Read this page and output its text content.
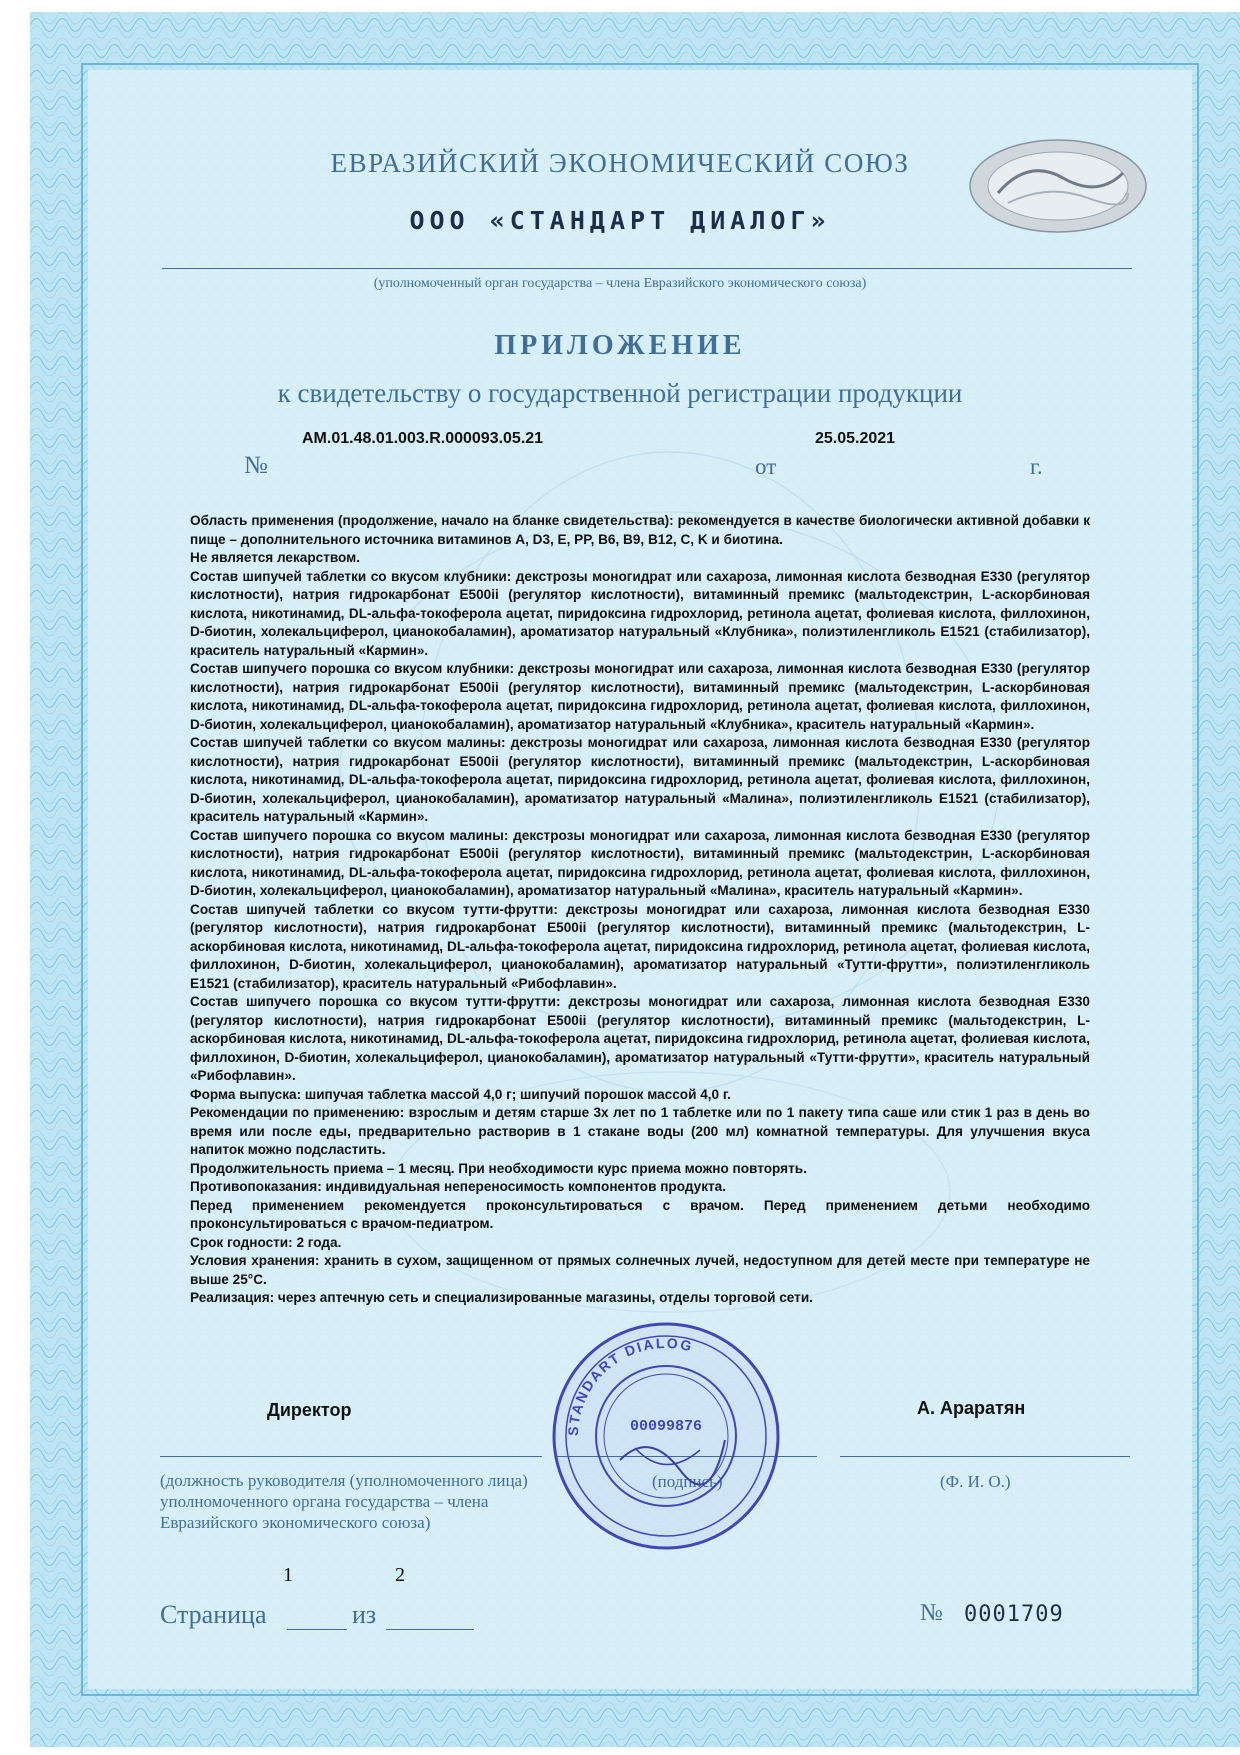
ЕВРАЗИЙСКИЙ ЭКОНОМИЧЕСКИЙ СОЮЗ
ООО «СТАНДАРТ ДИАЛОГ»
(уполномоченный орган государства – члена Евразийского экономического союза)
ПРИЛОЖЕНИЕ
к свидетельству о государственной регистрации продукции
AM.01.48.01.003.R.000093.05.21	25.05.2021
№	от	г.

Область применения (продолжение, начало на бланке свидетельства): рекомендуется в качестве биологически активной добавки к пище – дополнительного источника витаминов A, D3, E, PP, B6, B9, B12, C, K и биотина.

Не является лекарством.

Состав шипучей таблетки со вкусом клубники: декстрозы моногидрат или сахароза, лимонная кислота безводная E330 (регулятор кислотности), натрия гидрокарбонат E500ii (регулятор кислотности), витаминный премикс (мальтодекстрин, L-аскорбиновая кислота, никотинамид, DL-альфа-токоферола ацетат, пиридоксина гидрохлорид, ретинола ацетат, фолиевая кислота, филлохинон, D-биотин, холекальциферол, цианокобаламин), ароматизатор натуральный «Клубника», полиэтиленгликоль E1521 (стабилизатор), краситель натуральный «Кармин».

Состав шипучего порошка со вкусом клубники: декстрозы моногидрат или сахароза, лимонная кислота безводная E330 (регулятор кислотности), натрия гидрокарбонат E500ii (регулятор кислотности), витаминный премикс (мальтодекстрин, L-аскорбиновая кислота, никотинамид, DL-альфа-токоферола ацетат, пиридоксина гидрохлорид, ретинола ацетат, фолиевая кислота, филлохинон, D-биотин, холекальциферол, цианокобаламин), ароматизатор натуральный «Клубника», краситель натуральный «Кармин».

Состав шипучей таблетки со вкусом малины: декстрозы моногидрат или сахароза, лимонная кислота безводная E330 (регулятор кислотности), натрия гидрокарбонат E500ii (регулятор кислотности), витаминный премикс (мальтодекстрин, L-аскорбиновая кислота, никотинамид, DL-альфа-токоферола ацетат, пиридоксина гидрохлорид, ретинола ацетат, фолиевая кислота, филлохинон, D-биотин, холекальциферол, цианокобаламин), ароматизатор натуральный «Малина», полиэтиленгликоль E1521 (стабилизатор), краситель натуральный «Кармин».

Состав шипучего порошка со вкусом малины: декстрозы моногидрат или сахароза, лимонная кислота безводная E330 (регулятор кислотности), натрия гидрокарбонат E500ii (регулятор кислотности), витаминный премикс (мальтодекстрин, L-аскорбиновая кислота, никотинамид, DL-альфа-токоферола ацетат, пиридоксина гидрохлорид, ретинола ацетат, фолиевая кислота, филлохинон, D-биотин, холекальциферол, цианокобаламин), ароматизатор натуральный «Малина», краситель натуральный «Кармин».

Состав шипучей таблетки со вкусом тутти-фрутти: декстрозы моногидрат или сахароза, лимонная кислота безводная E330 (регулятор кислотности), натрия гидрокарбонат E500ii (регулятор кислотности), витаминный премикс (мальтодекстрин, L-аскорбиновая кислота, никотинамид, DL-альфа-токоферола ацетат, пиридоксина гидрохлорид, ретинола ацетат, фолиевая кислота, филлохинон, D-биотин, холекальциферол, цианокобаламин), ароматизатор натуральный «Тутти-фрутти», полиэтиленгликоль E1521 (стабилизатор), краситель натуральный «Рибофлавин».

Состав шипучего порошка со вкусом тутти-фрутти: декстрозы моногидрат или сахароза, лимонная кислота безводная E330 (регулятор кислотности), натрия гидрокарбонат E500ii (регулятор кислотности), витаминный премикс (мальтодекстрин, L-аскорбиновая кислота, никотинамид, DL-альфа-токоферола ацетат, пиридоксина гидрохлорид, ретинола ацетат, фолиевая кислота, филлохинон, D-биотин, холекальциферол, цианокобаламин), ароматизатор натуральный «Тутти-фрутти», краситель натуральный «Рибофлавин».

Форма выпуска: шипучая таблетка массой 4,0 г; шипучий порошок массой 4,0 г.

Рекомендации по применению: взрослым и детям старше 3х лет по 1 таблетке или по 1 пакету типа саше или стик 1 раз в день во время или после еды, предварительно растворив в 1 стакане воды (200 мл) комнатной температуры. Для улучшения вкуса напиток можно подсластить.

Продолжительность приема – 1 месяц. При необходимости курс приема можно повторять.

Противопоказания: индивидуальная непереносимость компонентов продукта.

Перед применением рекомендуется проконсультироваться с врачом. Перед применением детьми необходимо проконсультироваться с врачом-педиатром.

Срок годности: 2 года.

Условия хранения: хранить в сухом, защищенном от прямых солнечных лучей, недоступном для детей месте при температуре не выше 25°С.

Реализация: через аптечную сеть и специализированные магазины, отделы торговой сети.

Директор	А. Араратян
(должность руководителя (уполномоченного лица) уполномоченного органа государства – члена Евразийского экономического союза)
(Ф. И. О.)
STANDART DIALOG
00099876
1	2
Страница	из	№ 0001709
